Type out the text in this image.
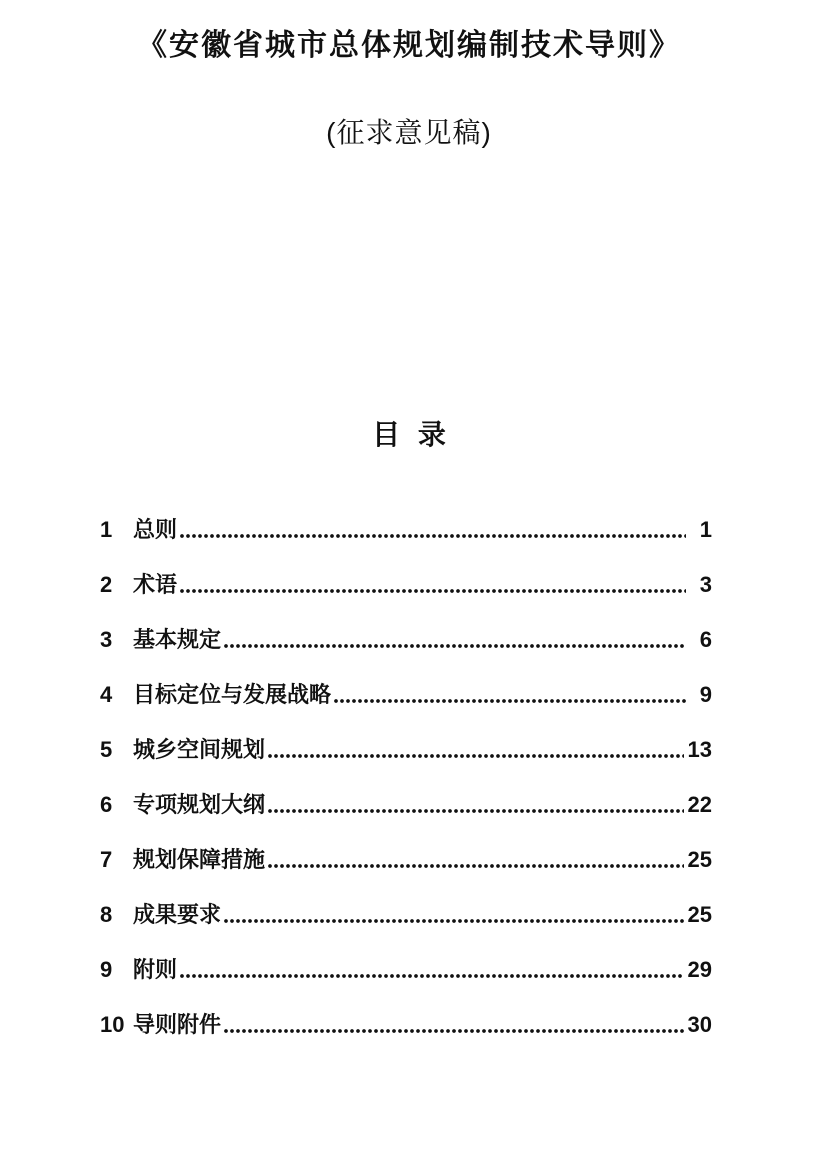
《安徽省城市总体规划编制技术导则》
(征求意见稿)
目 录
1 总则	1
2 术语	3
3 基本规定	6
4 目标定位与发展战略	9
5 城乡空间规划	13
6 专项规划大纲	22
7 规划保障措施	25
8 成果要求	25
9 附则	29
10 导则附件	30
